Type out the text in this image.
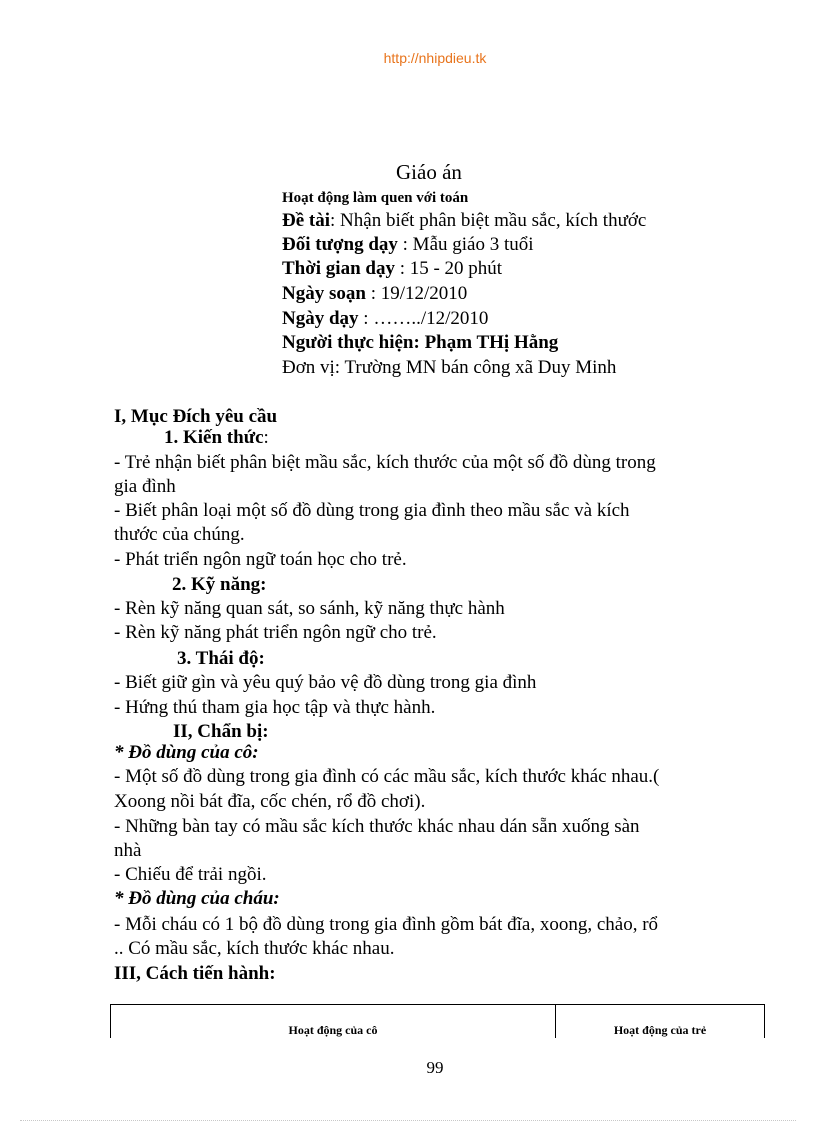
http://nhipdieu.tk
Giáo án
Hoạt động làm quen với toán
Đề tài: Nhận biết phân biệt mầu sắc, kích thước
Đối tượng dạy : Mẫu giáo 3 tuổi
Thời gian dạy : 15 - 20 phút
Ngày soạn : 19/12/2010
Ngày dạy : ……../12/2010
Người thực hiện: Phạm THị Hằng
Đơn vị: Trường MN bán công xã Duy Minh
I, Mục Đích yêu cầu
1. Kiến thức:
- Trẻ nhận biết phân biệt mầu sắc, kích thước của một số đồ dùng trong
gia đình
- Biết phân loại một số đồ dùng trong gia đình theo mầu sắc và kích
thước của chúng.
- Phát triển ngôn ngữ toán học cho trẻ.
2. Kỹ năng:
- Rèn kỹ năng quan sát, so sánh, kỹ năng thực hành
- Rèn kỹ năng phát triển ngôn ngữ cho trẻ.
3. Thái độ:
- Biết giữ gìn và yêu quý bảo vệ đồ dùng trong gia đình
- Hứng thú tham gia học tập và thực hành.
II, Chẩn bị:
* Đồ dùng của cô:
- Một số đồ dùng trong gia đình có các mầu sắc, kích thước khác nhau.(
Xoong nồi bát đĩa, cốc chén, rổ đồ chơi).
- Những bàn tay có mầu sắc kích thước khác nhau dán sẵn xuống sàn
nhà
- Chiếu để trải ngồi.
* Đồ dùng của cháu:
- Mỗi cháu có 1 bộ đồ dùng trong gia đình gồm bát đĩa, xoong, chảo, rổ
.. Có mầu sắc, kích thước khác nhau.
III, Cách tiến hành:
Hoạt động của cô	Hoạt động của trẻ
99
